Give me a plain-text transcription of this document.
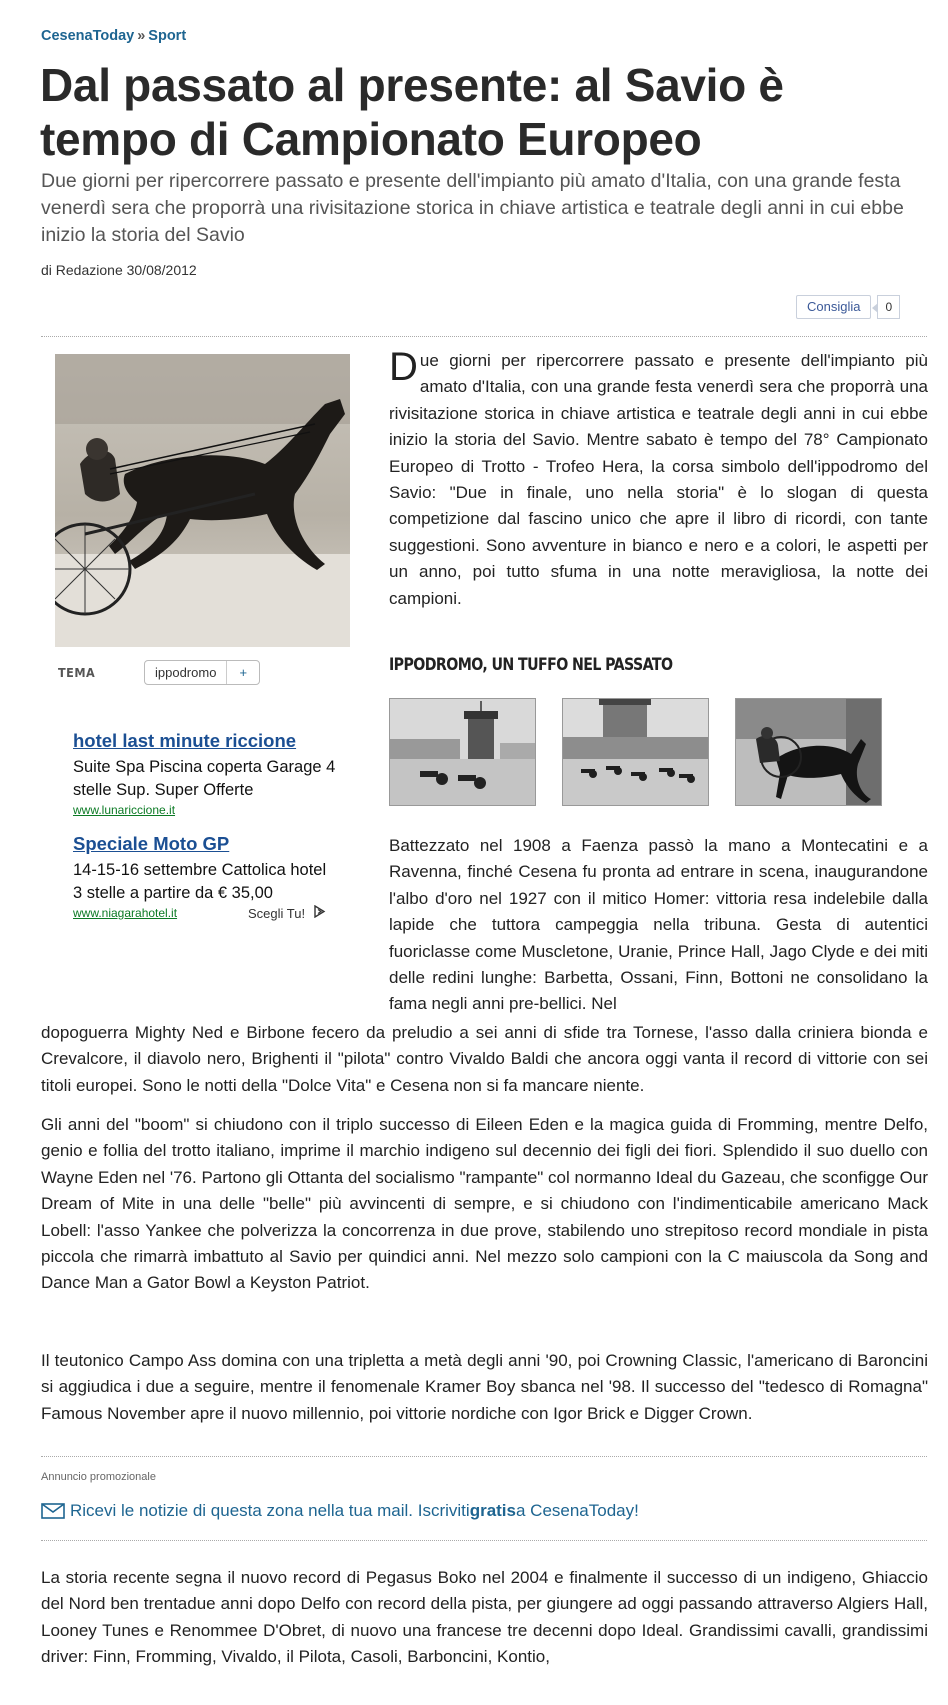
CesenaToday » Sport
Dal passato al presente: al Savio è tempo di Campionato Europeo

Due giorni per ripercorrere passato e presente dell'impianto più amato d'Italia, con una grande festa venerdì sera che proporrà una rivisitazione storica in chiave artistica e teatrale degli anni in cui ebbe inizio la storia del Savio

di Redazione 30/08/2012
Consiglia	0
TEMA	ippodromo	+
hotel last minute riccione
Suite Spa Piscina coperta Garage 4 stelle Sup. Super Offerte
www.lunariccione.it
Speciale Moto GP
14-15-16 settembre Cattolica hotel 3 stelle a partire da € 35,00
www.niagarahotel.it	Scegli Tu!
Due giorni per ripercorrere passato e presente dell'impianto più amato d'Italia, con una grande festa venerdì sera che proporrà una rivisitazione storica in chiave artistica e teatrale degli anni in cui ebbe inizio la storia del Savio. Mentre sabato è tempo del 78° Campionato Europeo di Trotto - Trofeo Hera, la corsa simbolo dell'ippodromo del Savio: "Due in finale, uno nella storia" è lo slogan di questa competizione dal fascino unico che apre il libro di ricordi, con tante suggestioni. Sono avventure in bianco e nero e a colori, le aspetti per un anno, poi tutto sfuma in una notte meravigliosa, la notte dei campioni.
IPPODROMO, UN TUFFO NEL PASSATO
Battezzato nel 1908 a Faenza passò la mano a Montecatini e a Ravenna, finché Cesena fu pronta ad entrare in scena, inaugurandone l'albo d'oro nel 1927 con il mitico Homer: vittoria resa indelebile dalla lapide che tuttora campeggia nella tribuna. Gesta di autentici fuoriclasse come Muscletone, Uranie, Prince Hall, Jago Clyde e dei miti delle redini lunghe: Barbetta, Ossani, Finn, Bottoni ne consolidano la fama negli anni pre-bellici. Nel
dopoguerra Mighty Ned e Birbone fecero da preludio a sei anni di sfide tra Tornese, l'asso dalla criniera bionda e Crevalcore, il diavolo nero, Brighenti il "pilota" contro Vivaldo Baldi che ancora oggi vanta il record di vittorie con sei titoli europei. Sono le notti della "Dolce Vita" e Cesena non si fa mancare niente.
Gli anni del "boom" si chiudono con il triplo successo di Eileen Eden e la magica guida di Fromming, mentre Delfo, genio e follia del trotto italiano, imprime il marchio indigeno sul decennio dei figli dei fiori. Splendido il suo duello con Wayne Eden nel '76. Partono gli Ottanta del socialismo "rampante" col normanno Ideal du Gazeau, che sconfigge Our Dream of Mite in una delle "belle" più avvincenti di sempre, e si chiudono con l'indimenticabile americano Mack Lobell: l'asso Yankee che polverizza la concorrenza in due prove, stabilendo uno strepitoso record mondiale in pista piccola che rimarrà imbattuto al Savio per quindici anni. Nel mezzo solo campioni con la C maiuscola da Song and Dance Man a Gator Bowl a Keyston Patriot.
Il teutonico Campo Ass domina con una tripletta a metà degli anni '90, poi Crowning Classic, l'americano di Baroncini si aggiudica i due a seguire, mentre il fenomenale Kramer Boy sbanca nel '98. Il successo del "tedesco di Romagna" Famous November apre il nuovo millennio, poi vittorie nordiche con Igor Brick e Digger Crown.
Annuncio promozionale
Ricevi le notizie di questa zona nella tua mail. Iscriviti gratis a CesenaToday!
La storia recente segna il nuovo record di Pegasus Boko nel 2004 e finalmente il successo di un indigeno, Ghiaccio del Nord ben trentadue anni dopo Delfo con record della pista, per giungere ad oggi passando attraverso Algiers Hall, Looney Tunes e Renommee D'Obret, di nuovo una francese tre decenni dopo Ideal. Grandissimi cavalli, grandissimi driver: Finn, Fromming, Vivaldo, il Pilota, Casoli, Barboncini, Kontio,
